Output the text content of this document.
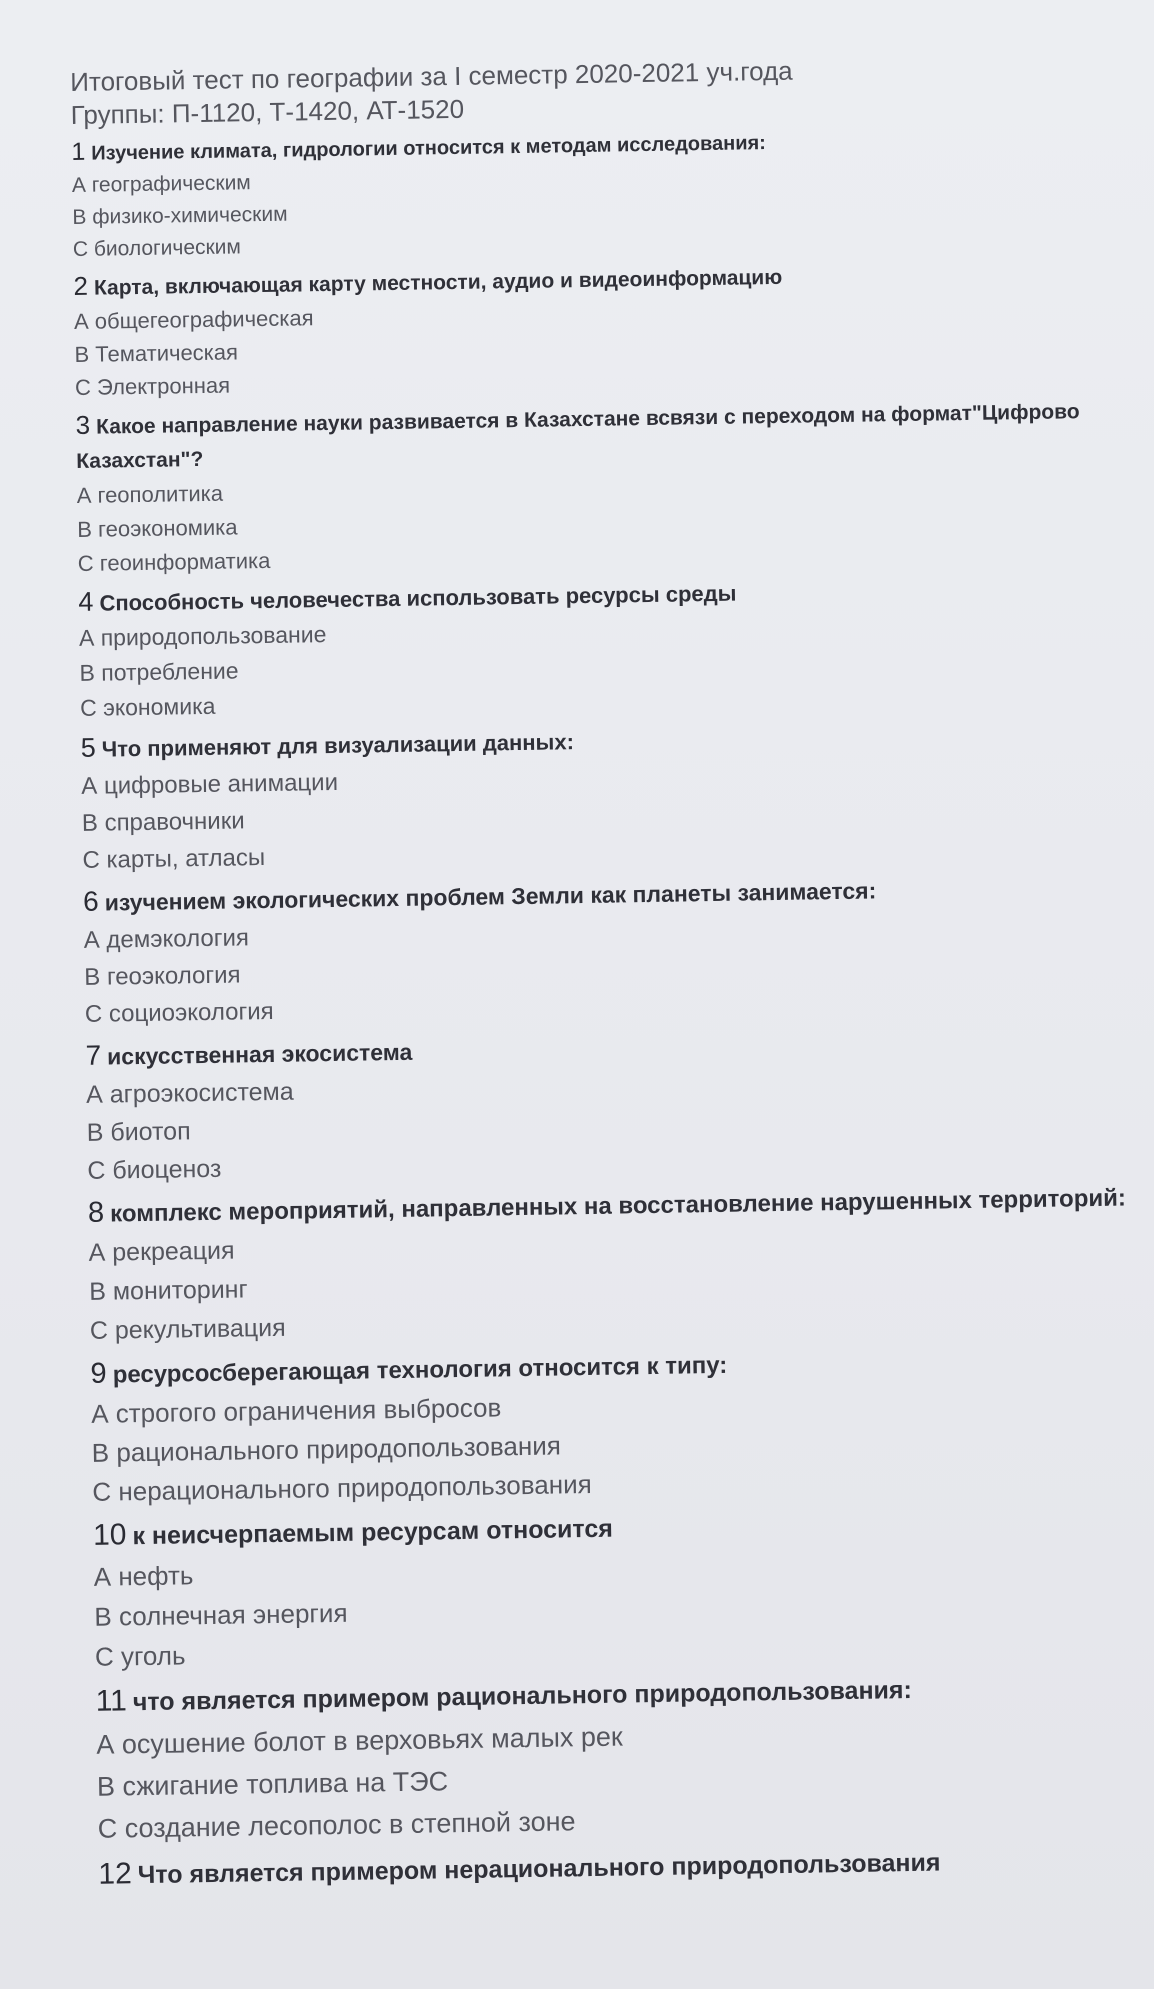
Итоговый тест по географии за I семестр 2020-2021 уч.года
Группы: П-1120, Т-1420, АТ-1520
1 Изучение климата, гидрологии относится к методам исследования:
А географическим
В физико-химическим
С биологическим
2 Карта, включающая карту местности, аудио и видеоинформацию
А общегеографическая
В Тематическая
С Электронная
3 Какое направление науки развивается в Казахстане всвязи с переходом на формат"Цифрово
Казахстан"?
А геополитика
В геоэкономика
С геоинформатика
4 Способность человечества использовать ресурсы среды
А природопользование
В потребление
С экономика
5 Что применяют для визуализации данных:
А цифровые анимации
В справочники
С карты, атласы
6 изучением экологических проблем Земли как планеты занимается:
А демэкология
В геоэкология
С социоэкология
7 искусственная экосистема
А агроэкосистема
В биотоп
С биоценоз
8 комплекс мероприятий, направленных на восстановление нарушенных территорий:
А рекреация
В мониторинг
С рекультивация
9 ресурсосберегающая технология относится к типу:
А строгого ограничения выбросов
В рационального природопользования
С нерационального природопользования
10 к неисчерпаемым ресурсам относится
А нефть
В солнечная энергия
С уголь
11 что является примером рационального природопользования:
А осушение болот в верховьях малых рек
В сжигание топлива на ТЭС
С создание лесополос в степной зоне
12 Что является примером нерационального природопользования
